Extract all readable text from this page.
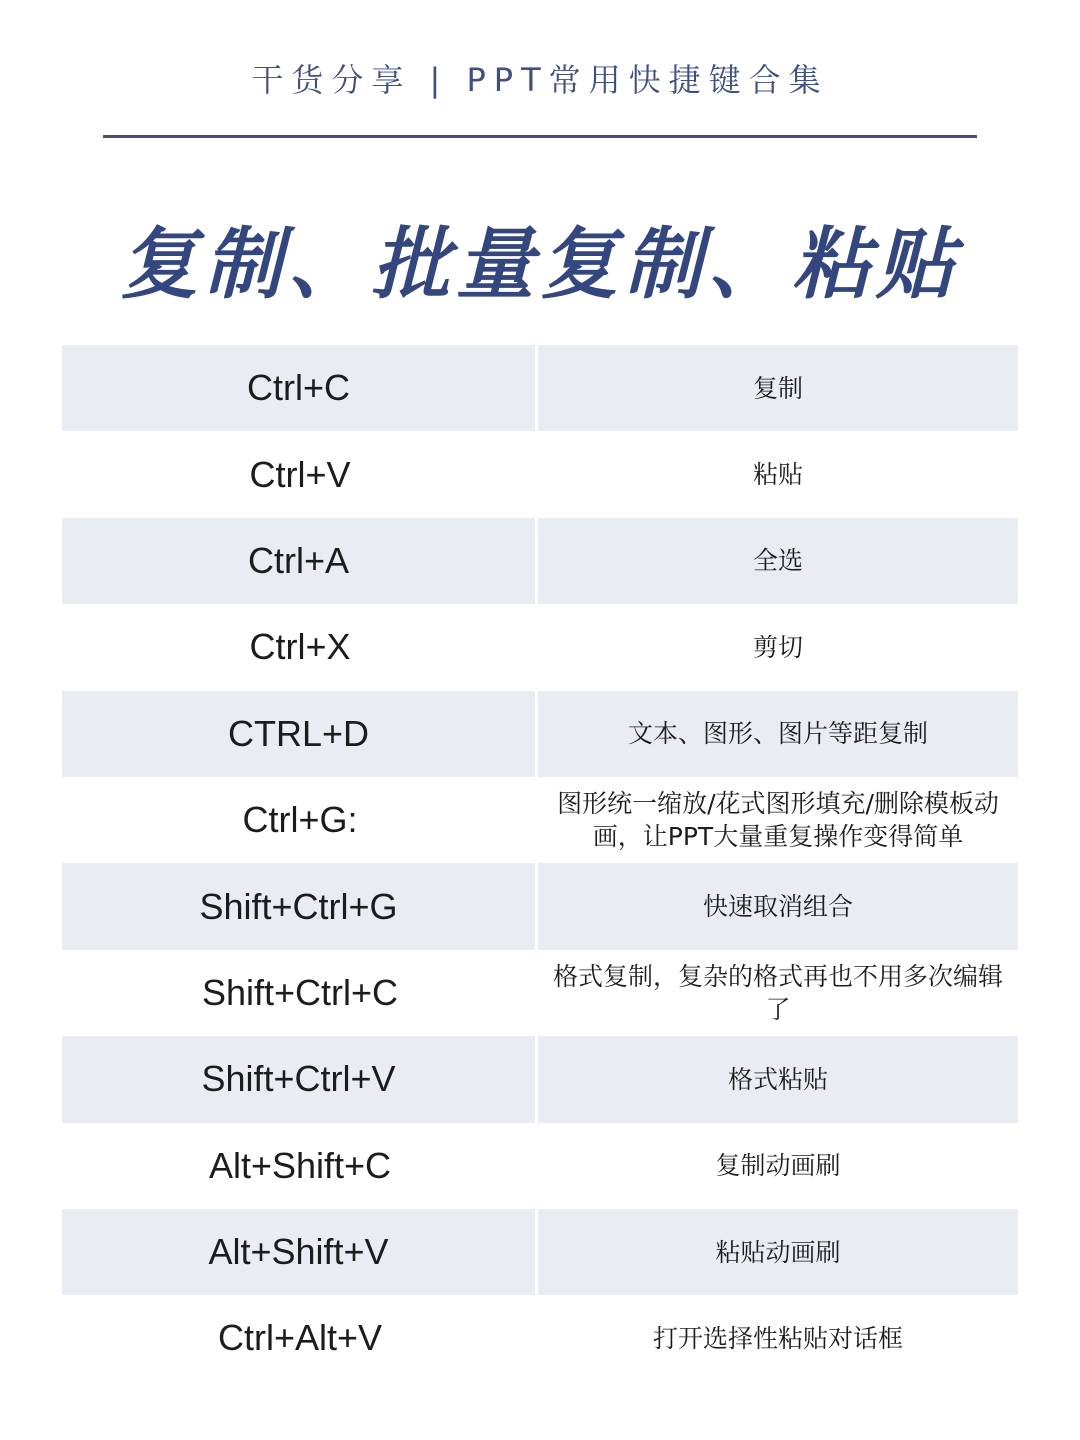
干货分享 | PPT常用快捷键合集
复制、批量复制、粘贴
Ctrl+C	复制
Ctrl+V	粘贴
Ctrl+A	全选
Ctrl+X	剪切
CTRL+D	文本、图形、图片等距复制
Ctrl+G:	图形统一缩放/花式图形填充/删除模板动画，让PPT大量重复操作变得简单
Shift+Ctrl+G	快速取消组合
Shift+Ctrl+C	格式复制，复杂的格式再也不用多次编辑了
Shift+Ctrl+V	格式粘贴
Alt+Shift+C	复制动画刷
Alt+Shift+V	粘贴动画刷
Ctrl+Alt+V	打开选择性粘贴对话框
